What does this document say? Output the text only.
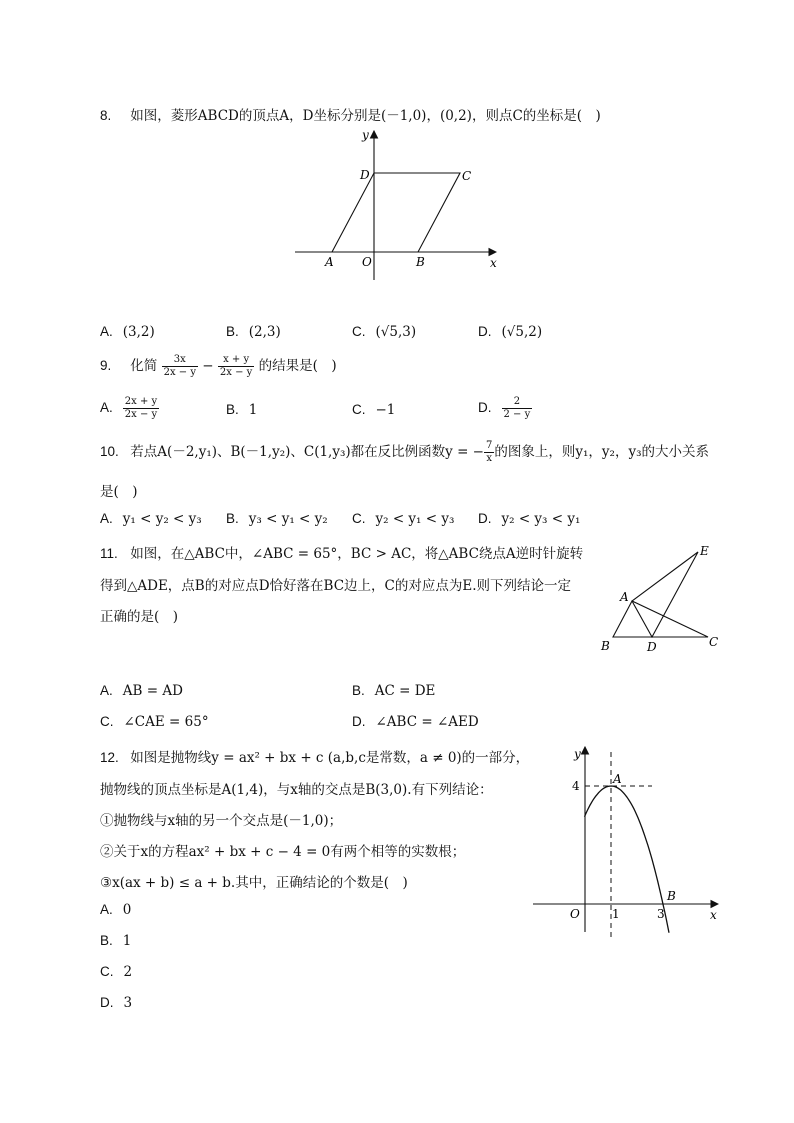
8. 如图，菱形ABCD的顶点A，D坐标分别是(－1,0)，(0,2)，则点C的坐标是(　)
y
x
D	C
A O	B
A. (3,2)	B. (2,3)	C. (√5,3)	D. (√5,2)
9. 化简 $\frac{3x}{2x - y} - \frac{x + y}{2x - y}$ 的结果是(　)
A. $\frac{2x + y}{2x - y}$	B. 1	C. −1	D. $\frac{2}{2 - y}$
10. 若点A(－2,y₁)、B(－1,y₂)、C(1,y₃)都在反比例函数y = − $\frac{7}{x}$ 的图象上，则y₁，y₂，y₃的大小关系
是(　)
A. y₁ < y₂ < y₃ B. y₃ < y₁ < y₂ C. y₂ < y₁ < y₃ D. y₂ < y₃ < y₁
11. 如图，在△ABC中，∠ABC = 65°，BC > AC，将△ABC绕点A逆时针旋转
得到△ADE，点B的对应点D恰好落在BC边上，C的对应点为E.则下列结论一定
正确的是(　)
A
B	C
D
E
A. AB = AD	B. AC = DE
C. ∠CAE = 65°	D. ∠ABC = ∠AED
12. 如图是抛物线y = ax² + bx + c (a,b,c是常数，a ≠ 0)的一部分，
抛物线的顶点坐标是A(1,4)，与x轴的交点是B(3,0).有下列结论：
①抛物线与x轴的另一个交点是(－1,0)；
②关于x的方程ax² + bx + c − 4 = 0有两个相等的实数根；
③x(ax + b) ≤ a + b.其中，正确结论的个数是(　)
y
x
O
A
B
4
1	3
A. 0
B. 1
C. 2
D. 3
